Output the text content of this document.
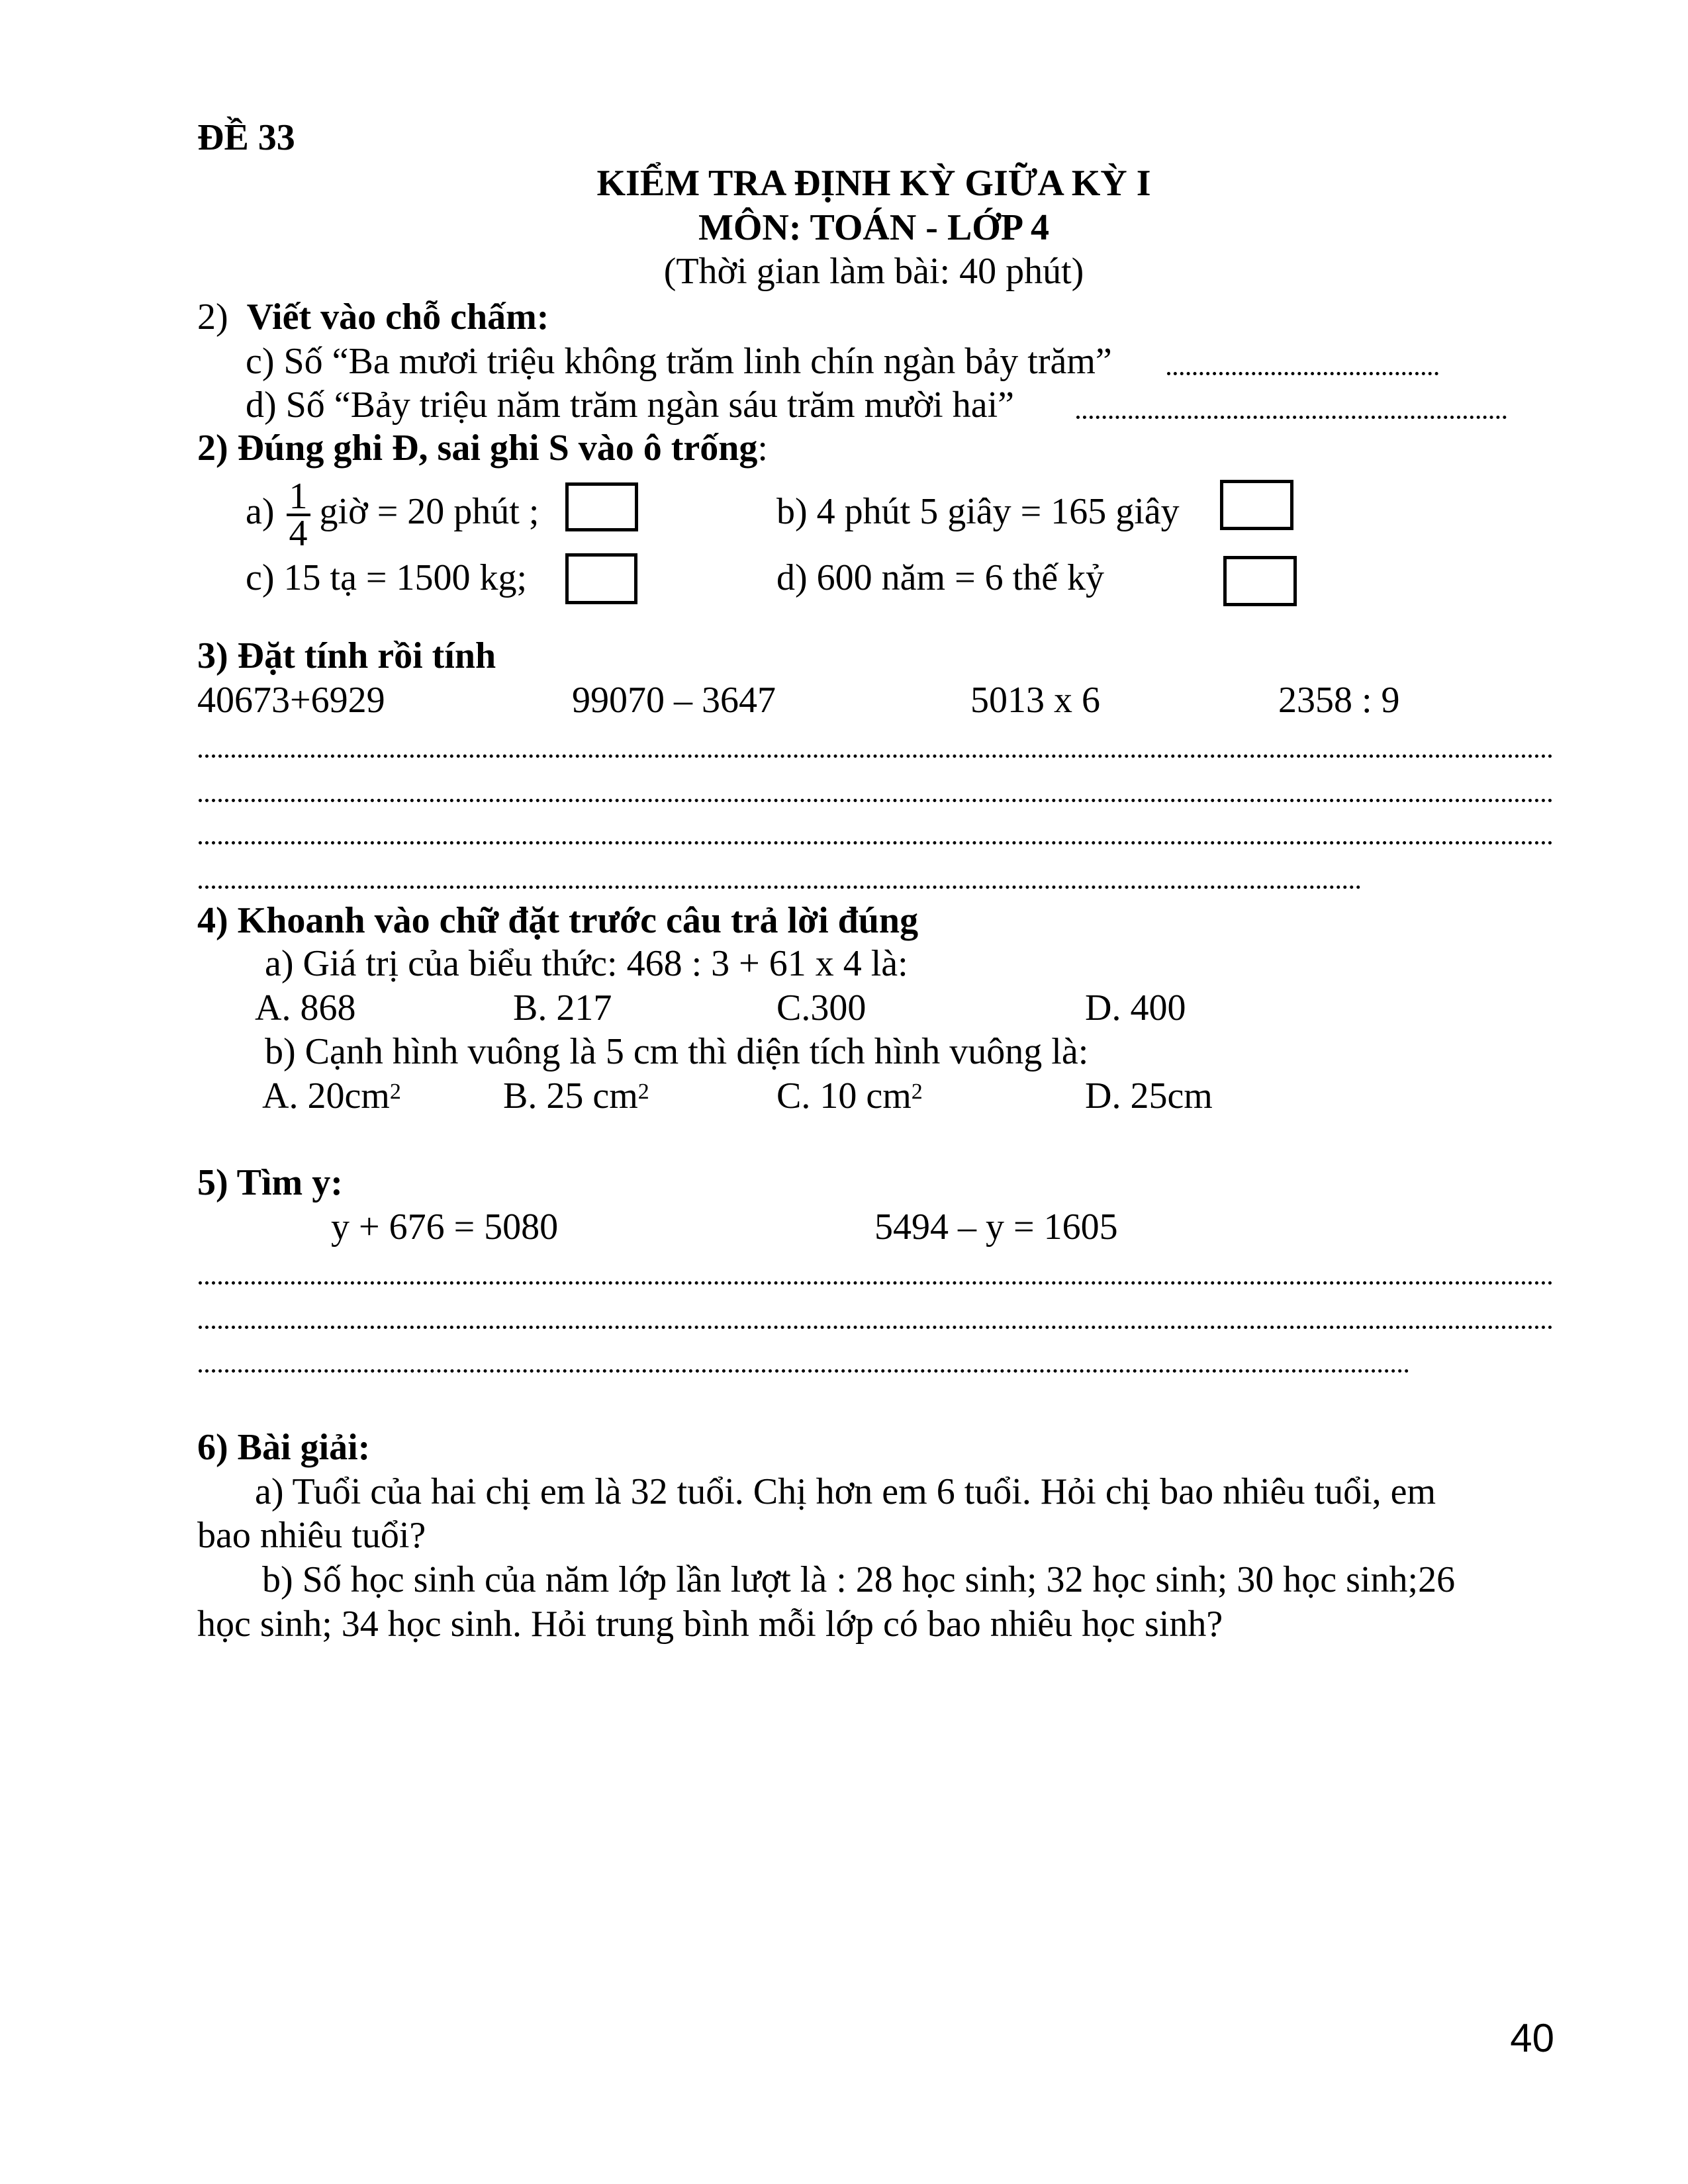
ĐỀ 33
KIỂM TRA ĐỊNH KỲ GIỮA KỲ I
MÔN: TOÁN - LỚP 4
(Thời gian làm bài: 40 phút)
2) Viết vào chỗ chấm:
c) Số “Ba mươi triệu không trăm linh chín ngàn bảy trăm”
d) Số “Bảy triệu năm trăm ngàn sáu trăm mười hai”
2) Đúng ghi Đ, sai ghi S vào ô trống:
$a) \frac{1}{4}$ giờ = 20 phút ;	b) 4 phút 5 giây = 165 giây
c) 15 tạ = 1500 kg;	d) 600 năm = 6 thế kỷ
3) Đặt tính rồi tính
40673+6929	99070 – 3647	5013 x 6	2358 : 9
4) Khoanh vào chữ đặt trước câu trả lời đúng
a) Giá trị của biểu thức: 468 : 3 + 61 x 4 là:
A. 868	B. 217	C.300	D. 400
b) Cạnh hình vuông là 5 cm thì diện tích hình vuông là:
A. $20cm^2$	B. 25 $cm^2$	C. 10 $cm^2$	D. 25cm
5) Tìm y:
y + 676 = 5080	5494 – y = 1605
6) Bài giải:
a) Tuổi của hai chị em là 32 tuổi. Chị hơn em 6 tuổi. Hỏi chị bao nhiêu tuổi, em
bao nhiêu tuổi?
b) Số học sinh của năm lớp lần lượt là : 28 học sinh; 32 học sinh; 30 học sinh;26
học sinh; 34 học sinh. Hỏi trung bình mỗi lớp có bao nhiêu học sinh?
40
